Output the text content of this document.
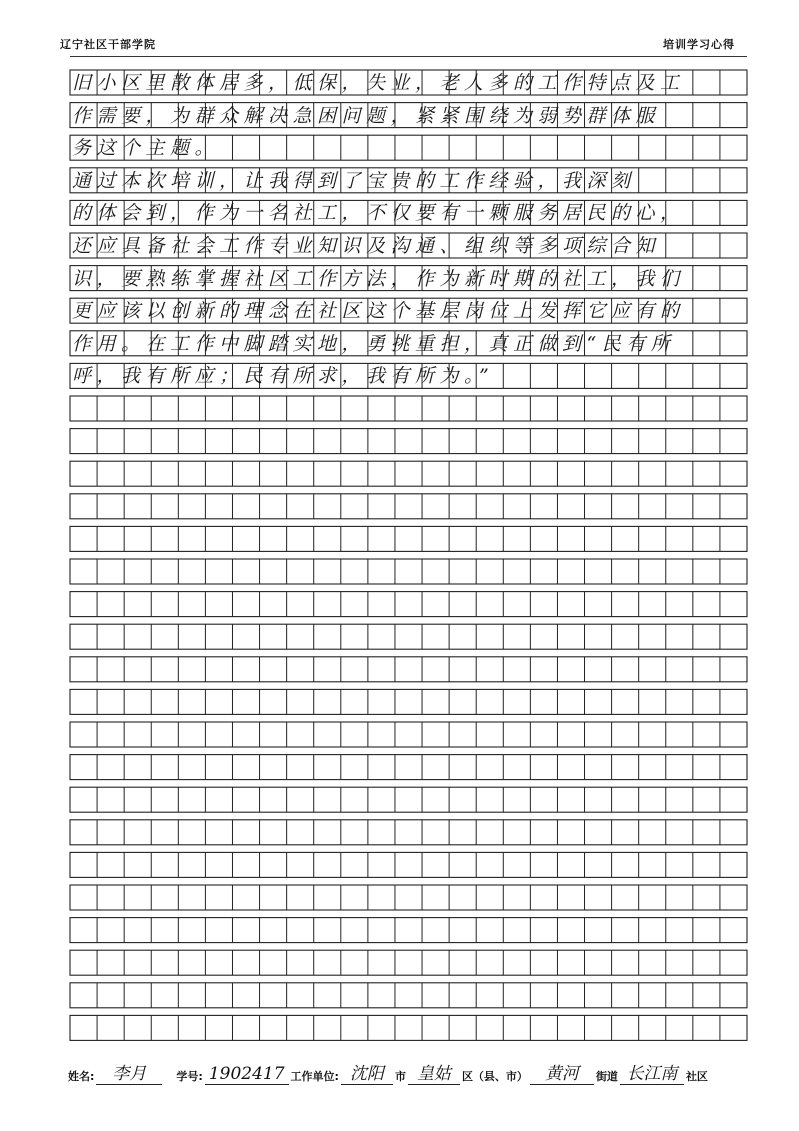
辽宁社区干部学院	培训学习心得
旧小区里散体居多，低保，失业，老人多的工作特点及工
作需要，为群众解决急困问题，紧紧围绕为弱势群体服
务这个主题。
通过本次培训，让我得到了宝贵的工作经验，我深刻
的体会到，作为一名社工，不仅要有一颗服务居民的心，
还应具备社会工作专业知识及沟通、组织等多项综合知
识，要熟练掌握社区工作方法，作为新时期的社工，我们
更应该以创新的理念在社区这个基层岗位上发挥它应有的
作用。在工作中脚踏实地，勇挑重担，真正做到“民有所
呼，我有所应；民有所求，我有所为。”
姓名:	李月	学号: 1902417 工作单位: 沈阳	市 皇姑	区（县、市）	黄河	街道 长江南 社区
